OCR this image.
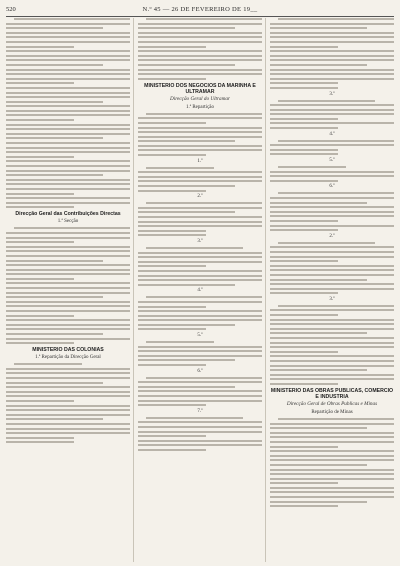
520	N.º 45 — 26 DE FEVEREIRO DE 19__
Direcção Geral das Contribuições Directas
1.ª Secção
MINISTERIO DAS COLONIAS
1.ª Repartição da Direcção Geral
MINISTERIO DOS NEGOCIOS DA MARINHA E ULTRAMAR
Direcção Geral do Ultramar
1.ª Repartição
1.º
2.º
3.º
4.º
5.º
6.º
7.º
3.º
4.º
5.º
6.º
2.º
3.º
MINISTERIO DAS OBRAS PUBLICAS, COMERCIO E INDUSTRIA
Direcção Geral de Obras Publicas e Minas
Repartição de Minas
